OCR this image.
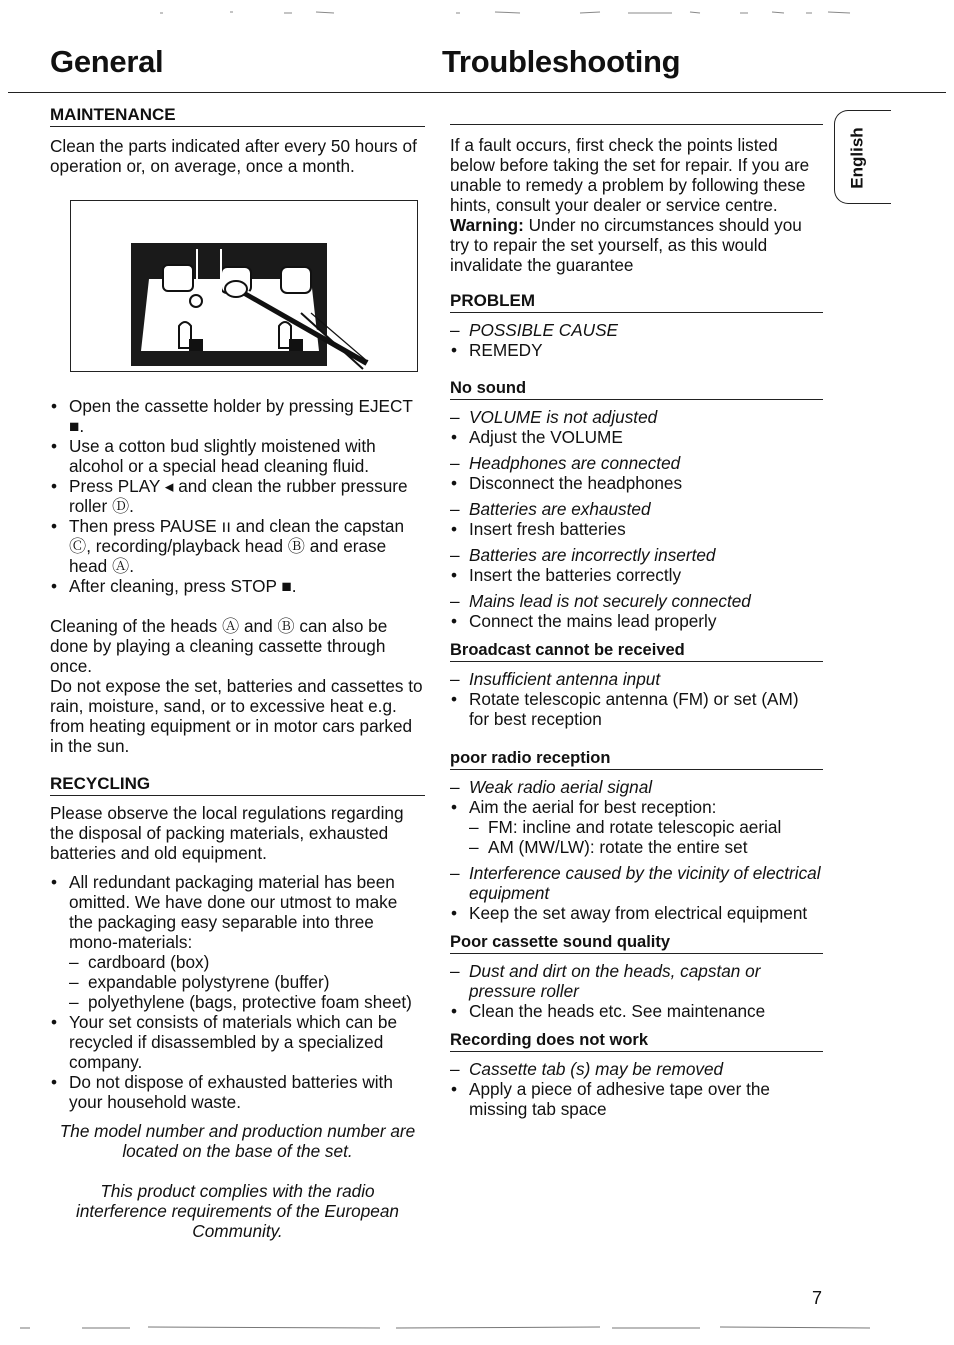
General	Troubleshooting
English
MAINTENANCE

Clean the parts indicated after every 50 hours of operation or, on average, once a month.

• Open the cassette holder by pressing EJECT ■.
• Use a cotton bud slightly moistened with alcohol or a special head cleaning fluid.
• Press PLAY ◂ and clean the rubber pressure roller Ⓓ.
• Then press PAUSE ıı and clean the capstan Ⓒ, recording/playback head Ⓑ and erase head Ⓐ.
• After cleaning, press STOP ■.

Cleaning of the heads Ⓐ and Ⓑ can also be done by playing a cleaning cassette through once.

Do not expose the set, batteries and cassettes to rain, moisture, sand, or to excessive heat e.g. from heating equipment or in motor cars parked in the sun.

RECYCLING

Please observe the local regulations regarding the disposal of packing materials, exhausted batteries and old equipment.

• All redundant packaging material has been omitted. We have done our utmost to make the packaging easy separable into three mono-materials:
– cardboard (box)
– expandable polystyrene (buffer)
– polyethylene (bags, protective foam sheet)
• Your set consists of materials which can be recycled if disassembled by a specialized company.
• Do not dispose of exhausted batteries with your household waste.

The model number and production number are located on the base of the set.

This product complies with the radio interference requirements of the European Community.

If a fault occurs, first check the points listed below before taking the set for repair. If you are unable to remedy a problem by following these hints, consult your dealer or service centre.

Warning: Under no circumstances should you try to repair the set yourself, as this would invalidate the guarantee

PROBLEM
– POSSIBLE CAUSE
• REMEDY
No sound
– VOLUME is not adjusted
• Adjust the VOLUME
– Headphones are connected
• Disconnect the headphones
– Batteries are exhausted
• Insert fresh batteries
– Batteries are incorrectly inserted
• Insert the batteries correctly
– Mains lead is not securely connected
• Connect the mains lead properly
Broadcast cannot be received
– Insufficient antenna input
• Rotate telescopic antenna (FM) or set (AM) for best reception
poor radio reception
– Weak radio aerial signal
• Aim the aerial for best reception:
– FM: incline and rotate telescopic aerial
– AM (MW/LW): rotate the entire set
– Interference caused by the vicinity of electrical equipment
• Keep the set away from electrical equipment
Poor cassette sound quality
– Dust and dirt on the heads, capstan or pressure roller
• Clean the heads etc. See maintenance
Recording does not work
– Cassette tab (s) may be removed
• Apply a piece of adhesive tape over the missing tab space
7
